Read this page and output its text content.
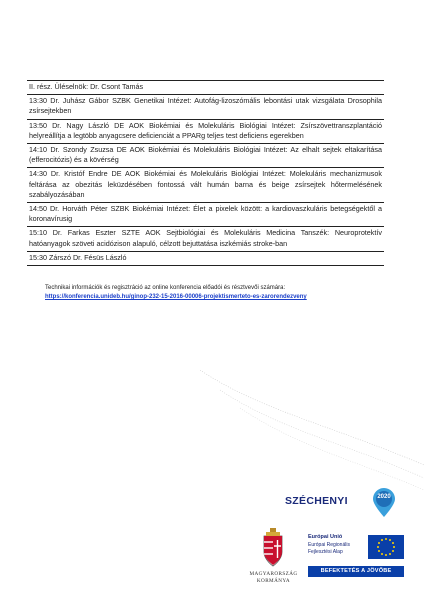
II. rész. Üléselnök: Dr. Csont Tamás
13:30 Dr. Juhász Gábor SZBK Genetikai Intézet: Autofág-lizoszómális lebontási utak vizsgálata Drosophila zsírsejtekben
13:50 Dr. Nagy László DE AOK Biokémiai és Molekuláris Biológiai Intézet: Zsírszövettranszplantáció helyreállítja a legtöbb anyagcsere deficienciát a PPARg teljes test deficiens egerekben
14:10 Dr. Szondy Zsuzsa DE AOK Biokémiai és Molekuláris Biológiai Intézet: Az elhalt sejtek eltakarítása (efferocitózis) és a kövérség
14:30 Dr. Kristóf Endre DE AOK Biokémiai és Molekuláris Biológiai Intézet: Molekuláris mechanizmusok feltárása az obezitás leküzdésében fontossá vált humán barna és beige zsírsejtek hőtermelésének szabályozásában
14:50 Dr. Horváth Péter SZBK Biokémiai Intézet: Élet a pixelek között: a kardiovaszkuláris betegségektől a koronavírusig
15:10 Dr. Farkas Eszter SZTE AOK Sejtbiológiai és Molekuláris Medicina Tanszék: Neuroprotektív hatóanyagok szöveti acidózison alapuló, célzott bejuttatása iszkémiás stroke-ban
15:30 Zárszó Dr. Fésüs László
Technikai információk és regisztráció az online konferencia előadói és résztvevői számára:
https://konferencia.unideb.hu/ginop-232-15-2016-00006-projektismerteto-es-zarorendezveny
SZÉCHENYI	2020
MAGYARORSZÁG
KORMÁNYA
Európai Unió
Európai Regionális
Fejlesztési Alap
BEFEKTETÉS A JÖVŐBE
